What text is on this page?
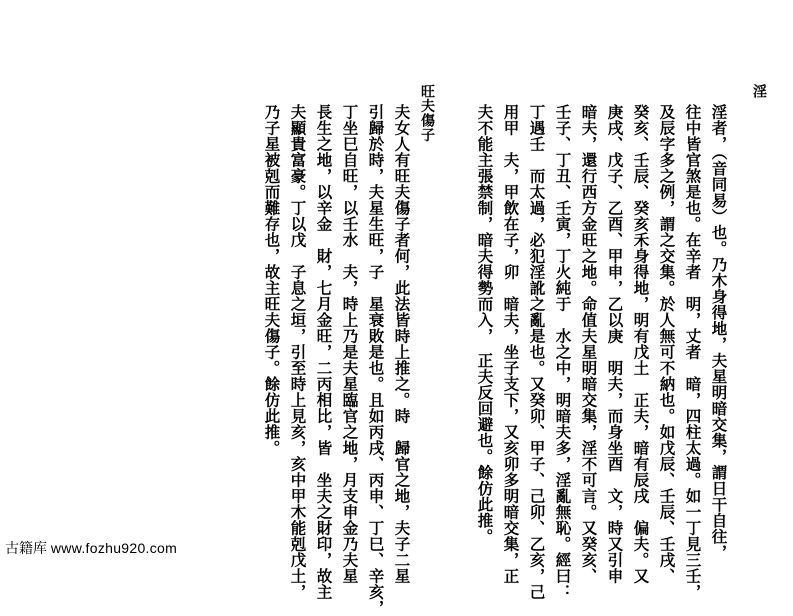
淫
淫者，（音同易）也。乃木身得地，夫星明暗交集，謂日干自往，
往中皆官煞是也。在辛者　明，丈者　暗，四柱太過。如一丁見三壬，
及辰字多之例，謂之交集。於人無可不納也。如戊辰、壬辰、壬戌、
癸亥、壬辰、癸亥禾身得地，明有戊土　正夫，暗有辰戌　偏夫。又
庚戌、戊子、乙酉、甲申，乙以庚　明夫，而身坐酉　文，時又引申
暗夫，還行西方金旺之地。命值夫星明暗交集，淫不可言。又癸亥、
壬子、丁丑、壬寅，丁火純于　水之中，明暗夫多，淫亂無恥。經曰：
丁遇壬　而太過，必犯淫訛之亂是也。又癸卯、甲子、己卯、乙亥，己
用甲　夫，甲飲在子，卯　暗夫，坐子支下，又亥卯多明暗交集，正
夫不能主張禁制，暗夫得勢而入，　正夫反回避也。餘仿此推。
旺夫傷子
夫女人有旺夫傷子者何，此法皆時上推之。時　歸官之地，夫子二星
引歸於時，夫星生旺，子　星衰敗是也。且如丙戌、丙申、丁巳、辛亥，
丁坐巳自旺，以壬水　夫，時上乃是夫星臨官之地，月支申金乃夫星
長生之地，以辛金　財，七月金旺，二丙相比，皆　坐夫之財印，故主
夫顯貴富豪。丁以戊　子息之垣，引至時上見亥，亥中甲木能剋戊土，
乃子星被剋而難存也，故主旺夫傷子。餘仿此推。
古籍库 www.fozhu920.com
